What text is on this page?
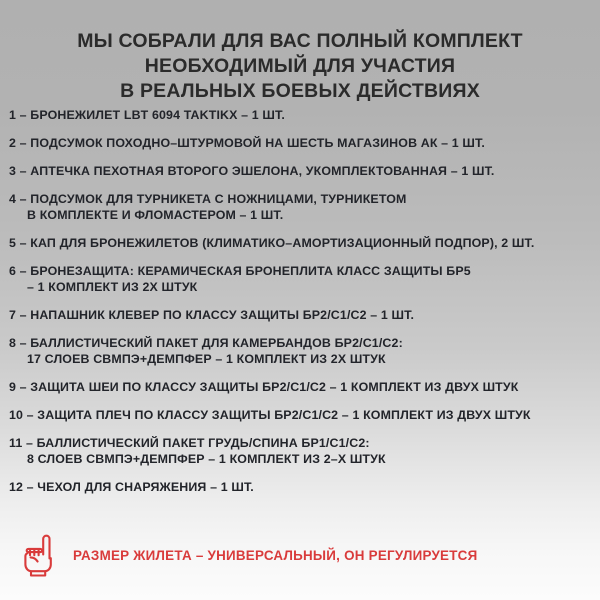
МЫ СОБРАЛИ ДЛЯ ВАС ПОЛНЫЙ КОМПЛЕКТ
НЕОБХОДИМЫЙ ДЛЯ УЧАСТИЯ
В РЕАЛЬНЫХ БОЕВЫХ ДЕЙСТВИЯХ
1 – БРОНЕЖИЛЕТ LBT 6094 TAKTIKX – 1 ШТ.
2 – ПОДСУМОК ПОХОДНО–ШТУРМОВОЙ НА ШЕСТЬ МАГАЗИНОВ АК – 1 ШТ.
3 – АПТЕЧКА ПЕХОТНАЯ ВТОРОГО ЭШЕЛОНА, УКОМПЛЕКТОВАННАЯ – 1 ШТ.
4 – ПОДСУМОК ДЛЯ ТУРНИКЕТА С НОЖНИЦАМИ, ТУРНИКЕТОМ
В КОМПЛЕКТЕ И ФЛОМАСТЕРОМ – 1 ШТ.
5 – КАП ДЛЯ БРОНЕЖИЛЕТОВ (КЛИМАТИКО–АМОРТИЗАЦИОННЫЙ ПОДПОР), 2 ШТ.
6 – БРОНЕЗАЩИТА: КЕРАМИЧЕСКАЯ БРОНЕПЛИТА КЛАСС ЗАЩИТЫ БР5
– 1 КОМПЛЕКТ ИЗ 2Х ШТУК
7 – НАПАШНИК КЛЕВЕР ПО КЛАССУ ЗАЩИТЫ БР2/С1/С2 – 1 ШТ.
8 – БАЛЛИСТИЧЕСКИЙ ПАКЕТ ДЛЯ КАМЕРБАНДОВ БР2/С1/С2:
17 СЛОЕВ СВМПЭ+ДЕМПФЕР – 1 КОМПЛЕКТ ИЗ 2Х ШТУК
9 – ЗАЩИТА ШЕИ ПО КЛАССУ ЗАЩИТЫ БР2/С1/С2 – 1 КОМПЛЕКТ ИЗ ДВУХ ШТУК
10 – ЗАЩИТА ПЛЕЧ ПО КЛАССУ ЗАЩИТЫ БР2/С1/С2 – 1 КОМПЛЕКТ ИЗ ДВУХ ШТУК
11 – БАЛЛИСТИЧЕСКИЙ ПАКЕТ ГРУДЬ/СПИНА БР1/С1/С2:
8 СЛОЕВ СВМПЭ+ДЕМПФЕР – 1 КОМПЛЕКТ ИЗ 2–Х ШТУК
12 – ЧЕХОЛ ДЛЯ СНАРЯЖЕНИЯ – 1 ШТ.
РАЗМЕР ЖИЛЕТА – УНИВЕРСАЛЬНЫЙ, ОН РЕГУЛИРУЕТСЯ
